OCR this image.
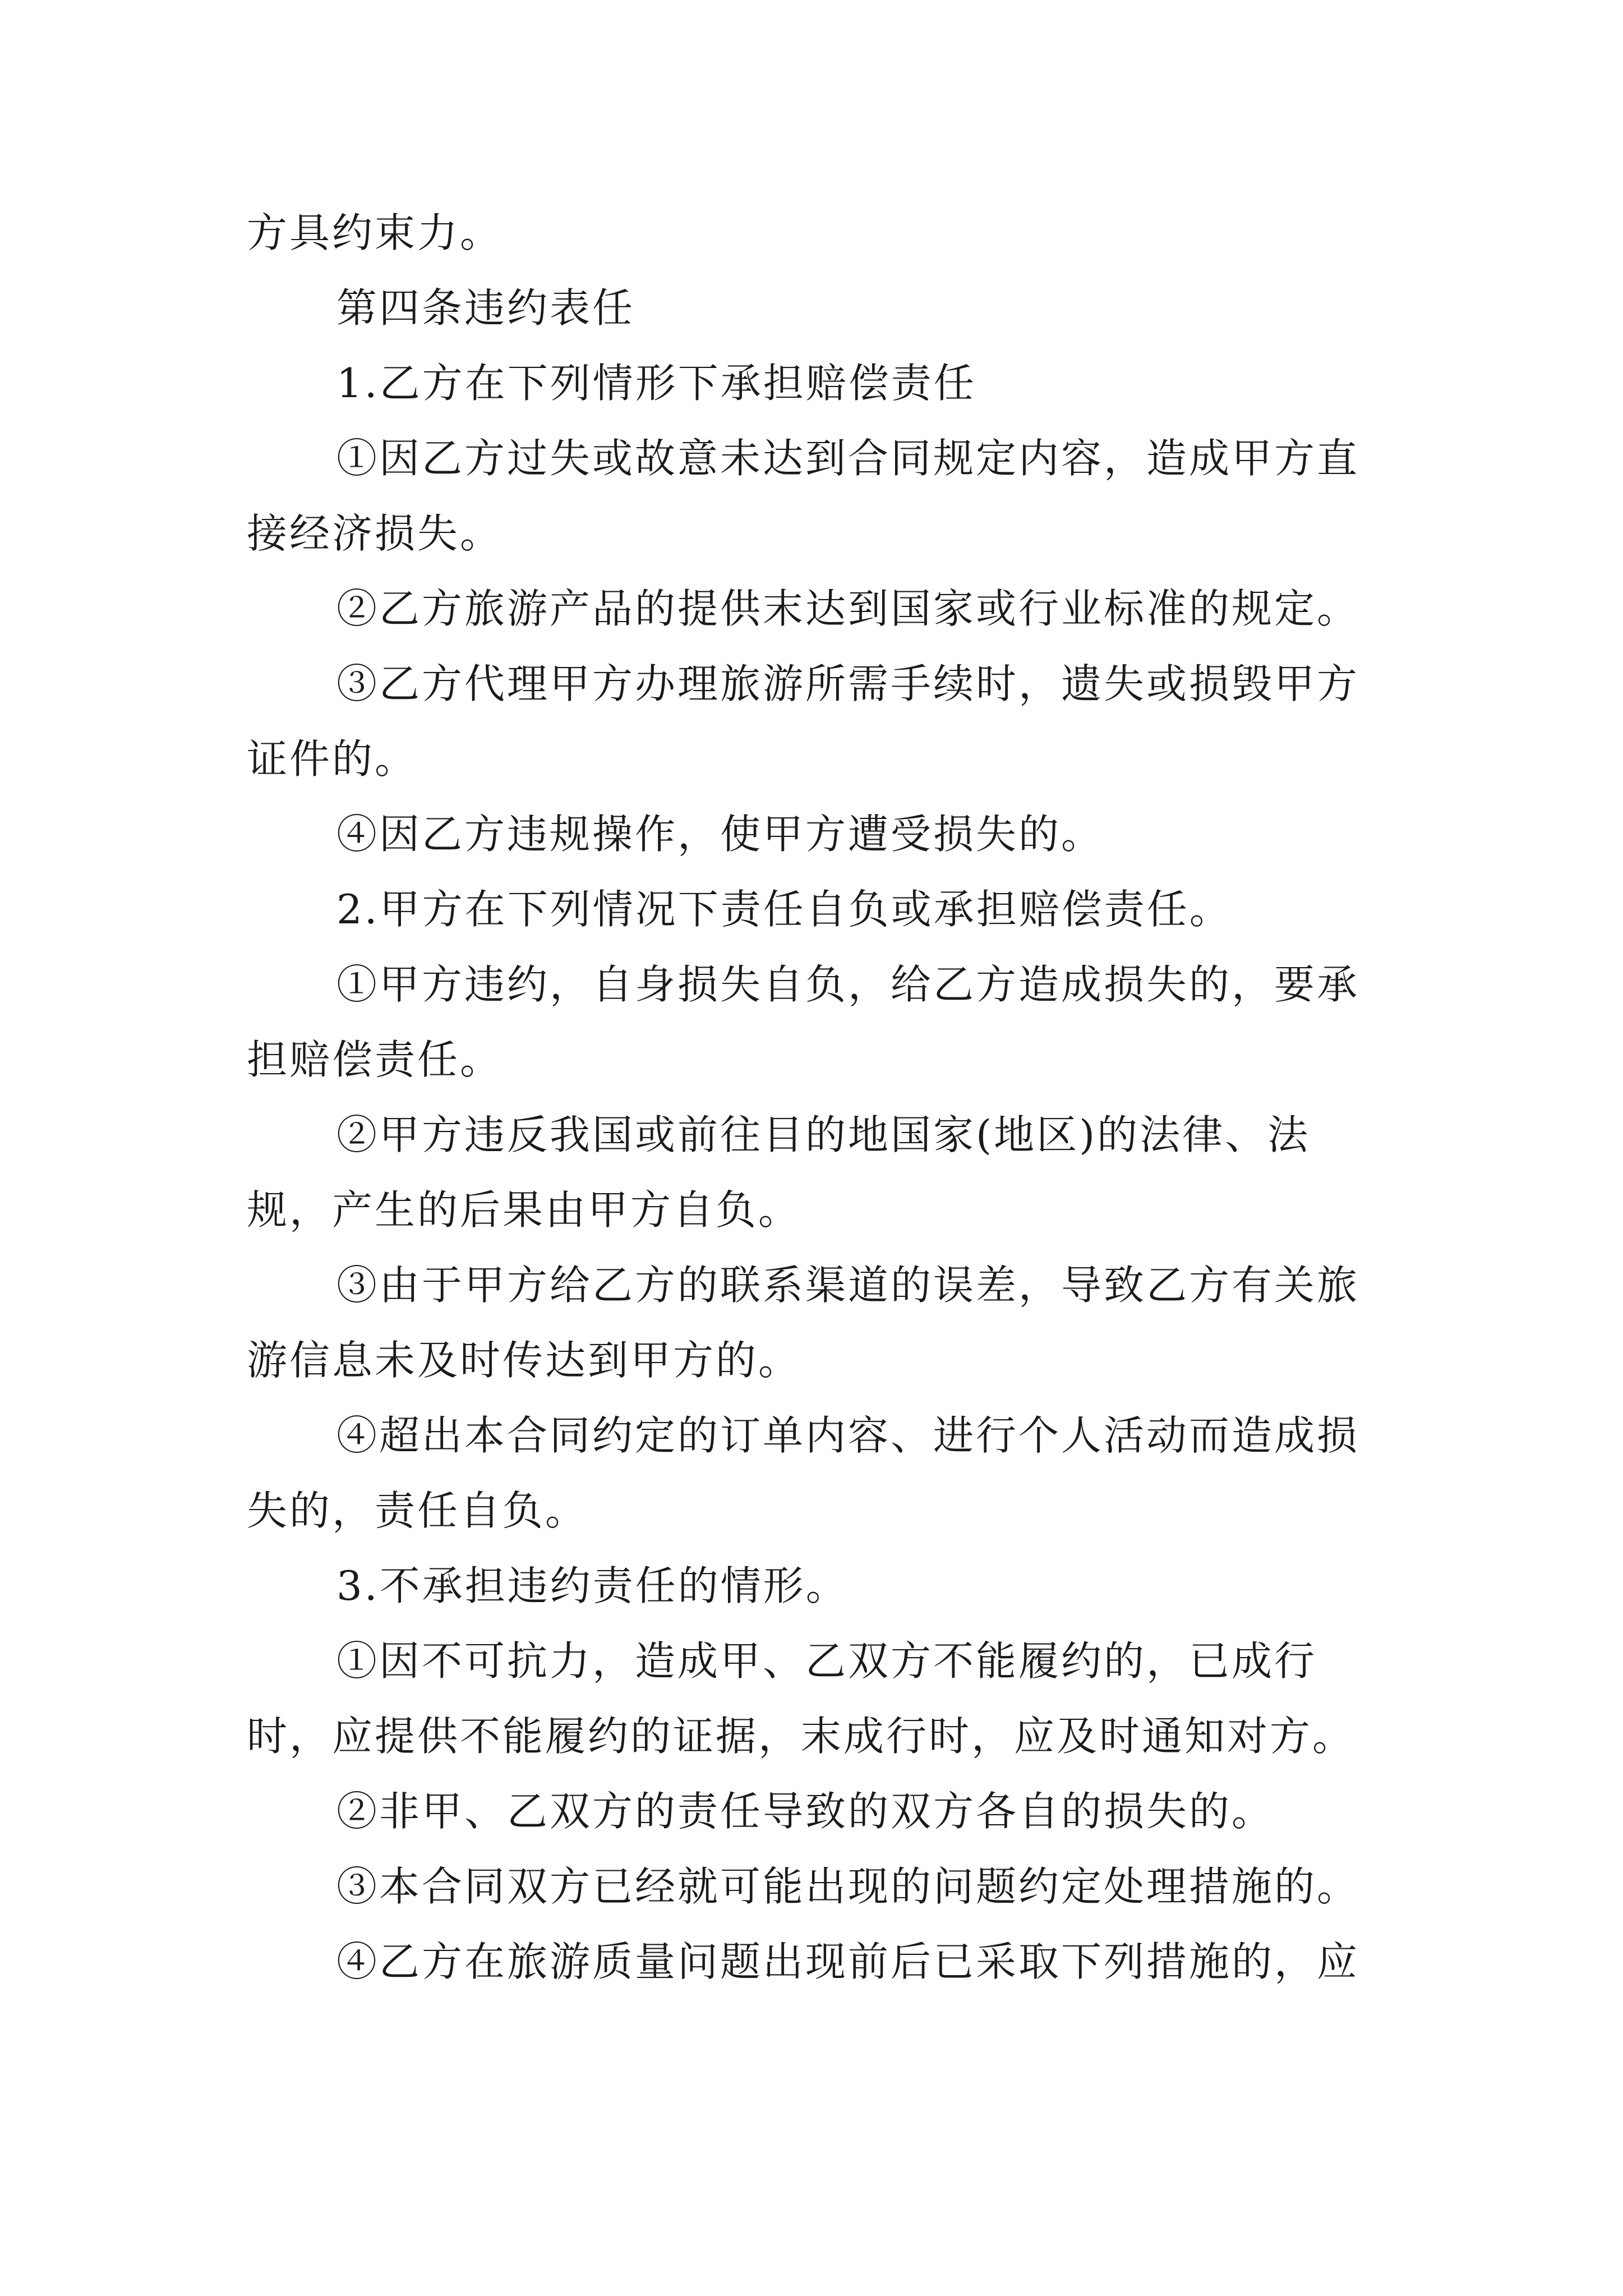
方具约束力。

第四条违约表任

1.乙方在下列情形下承担赔偿责任

①因乙方过失或故意未达到合同规定内容，造成甲方直接经济损失。

②乙方旅游产品的提供末达到国家或行业标准的规定。

③乙方代理甲方办理旅游所需手续时，遗失或损毁甲方证件的。

④因乙方违规操作，使甲方遭受损失的。

2.甲方在下列情况下责任自负或承担赔偿责任。

①甲方违约，自身损失自负，给乙方造成损失的，要承担赔偿责任。

②甲方违反我国或前往目的地国家(地区)的法律、法规，产生的后果由甲方自负。

③由于甲方给乙方的联系渠道的误差，导致乙方有关旅游信息未及时传达到甲方的。

④超出本合同约定的订单内容、进行个人活动而造成损失的，责任自负。

3.不承担违约责任的情形。

①因不可抗力，造成甲、乙双方不能履约的，已成行时，应提供不能履约的证据，末成行时，应及时通知对方。

②非甲、乙双方的责任导致的双方各自的损失的。

③本合同双方已经就可能出现的问题约定处理措施的。

④乙方在旅游质量问题出现前后已采取下列措施的，应
